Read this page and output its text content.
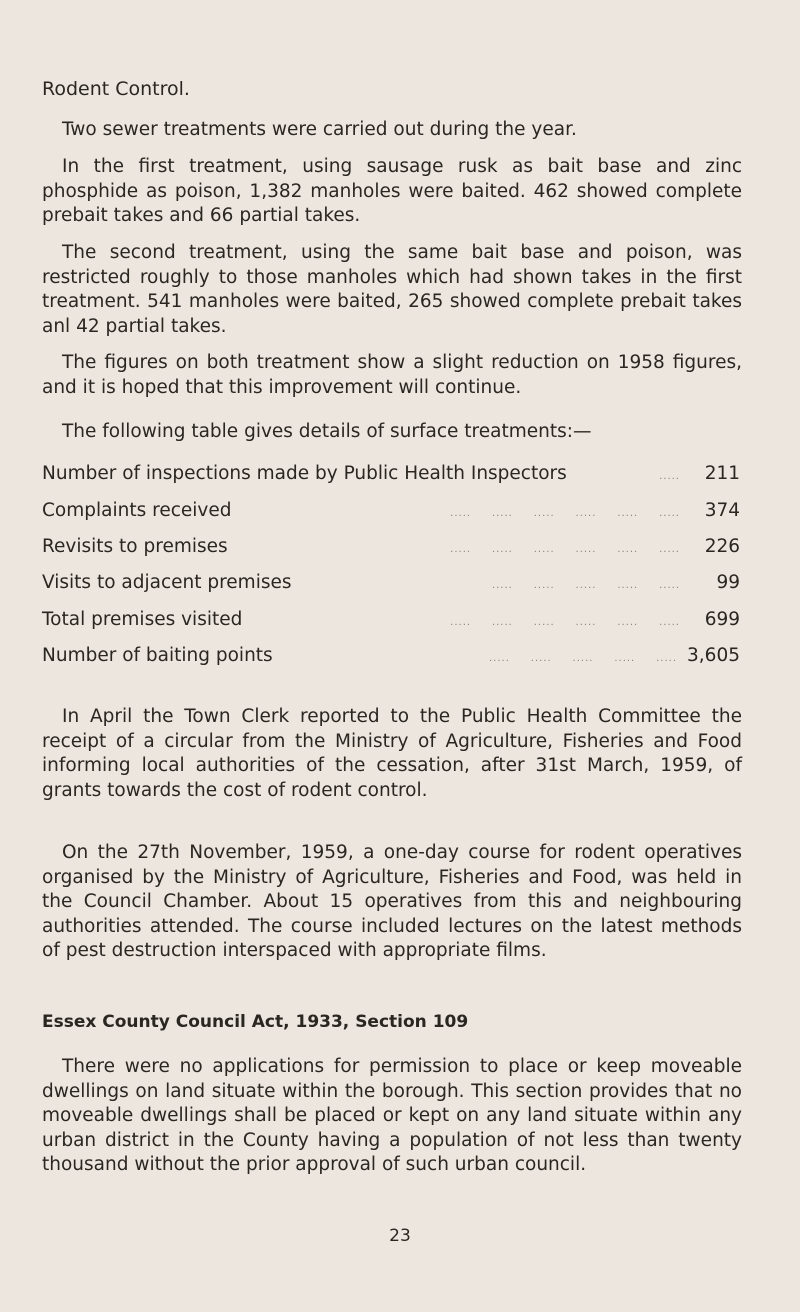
Rodent Control.

Two sewer treatments were carried out during the year.

In the first treatment, using sausage rusk as bait base and zinc phosphide as poison, 1,382 manholes were baited. 462 showed complete prebait takes and 66 partial takes.

The second treatment, using the same bait base and poison, was restricted roughly to those manholes which had shown takes in the first treatment. 541 manholes were baited, 265 showed complete prebait takes anl 42 partial takes.

The figures on both treatment show a slight reduction on 1958 figures, and it is hoped that this improvement will continue.

The following table gives details of surface treatments:—

Number of inspections made by Public Health Inspectors	.....	211
Complaints received	.....     .....     .....     .....     .....     .....	374
Revisits to premises	.....     .....     .....     .....     .....     .....	226
Visits to adjacent premises	.....     .....     .....     .....     .....	99
Total premises visited	.....     .....     .....     .....     .....     .....	699
Number of baiting points	.....     .....     .....     .....     ..... 3,605

In April the Town Clerk reported to the Public Health Committee the receipt of a circular from the Ministry of Agriculture, Fisheries and Food informing local authorities of the cessation, after 31st March, 1959, of grants towards the cost of rodent control.

On the 27th November, 1959, a one-day course for rodent operatives organised by the Ministry of Agriculture, Fisheries and Food, was held in the Council Chamber. About 15 operatives from this and neighbouring authorities attended. The course included lectures on the latest methods of pest destruction interspaced with appropriate films.

Essex County Council Act, 1933, Section 109

There were no applications for permission to place or keep moveable dwellings on land situate within the borough. This section provides that no moveable dwellings shall be placed or kept on any land situate within any urban district in the County having a population of not less than twenty thousand without the prior approval of such urban council.

23
